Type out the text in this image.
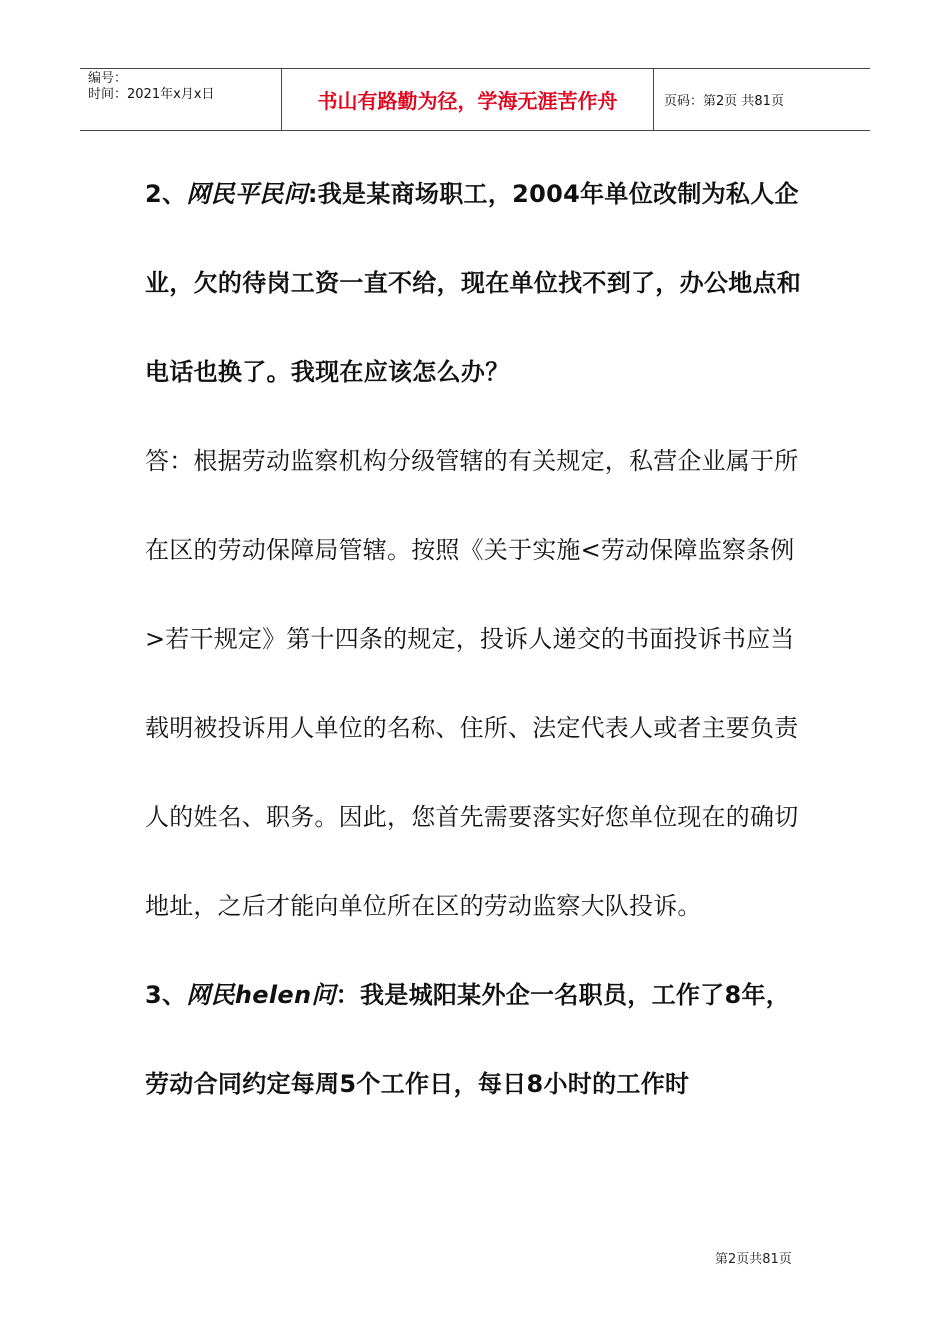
编号：
时间：2021年x月x日	书山有路勤为径，学海无涯苦作舟	页码：第2页 共81页

2、网民平民问:我是某商场职工，2004年单位改制为私人企业，欠的待岗工资一直不给，现在单位找不到了，办公地点和电话也换了。我现在应该怎么办？

答：根据劳动监察机构分级管辖的有关规定，私营企业属于所在区的劳动保障局管辖。按照《关于实施<劳动保障监察条例>若干规定》第十四条的规定，投诉人递交的书面投诉书应当载明被投诉用人单位的名称、住所、法定代表人或者主要负责人的姓名、职务。因此，您首先需要落实好您单位现在的确切地址，之后才能向单位所在区的劳动监察大队投诉。

3、网民helen问：我是城阳某外企一名职员，工作了8年，劳动合同约定每周5个工作日，每日8小时的工作时

第2页共81页
